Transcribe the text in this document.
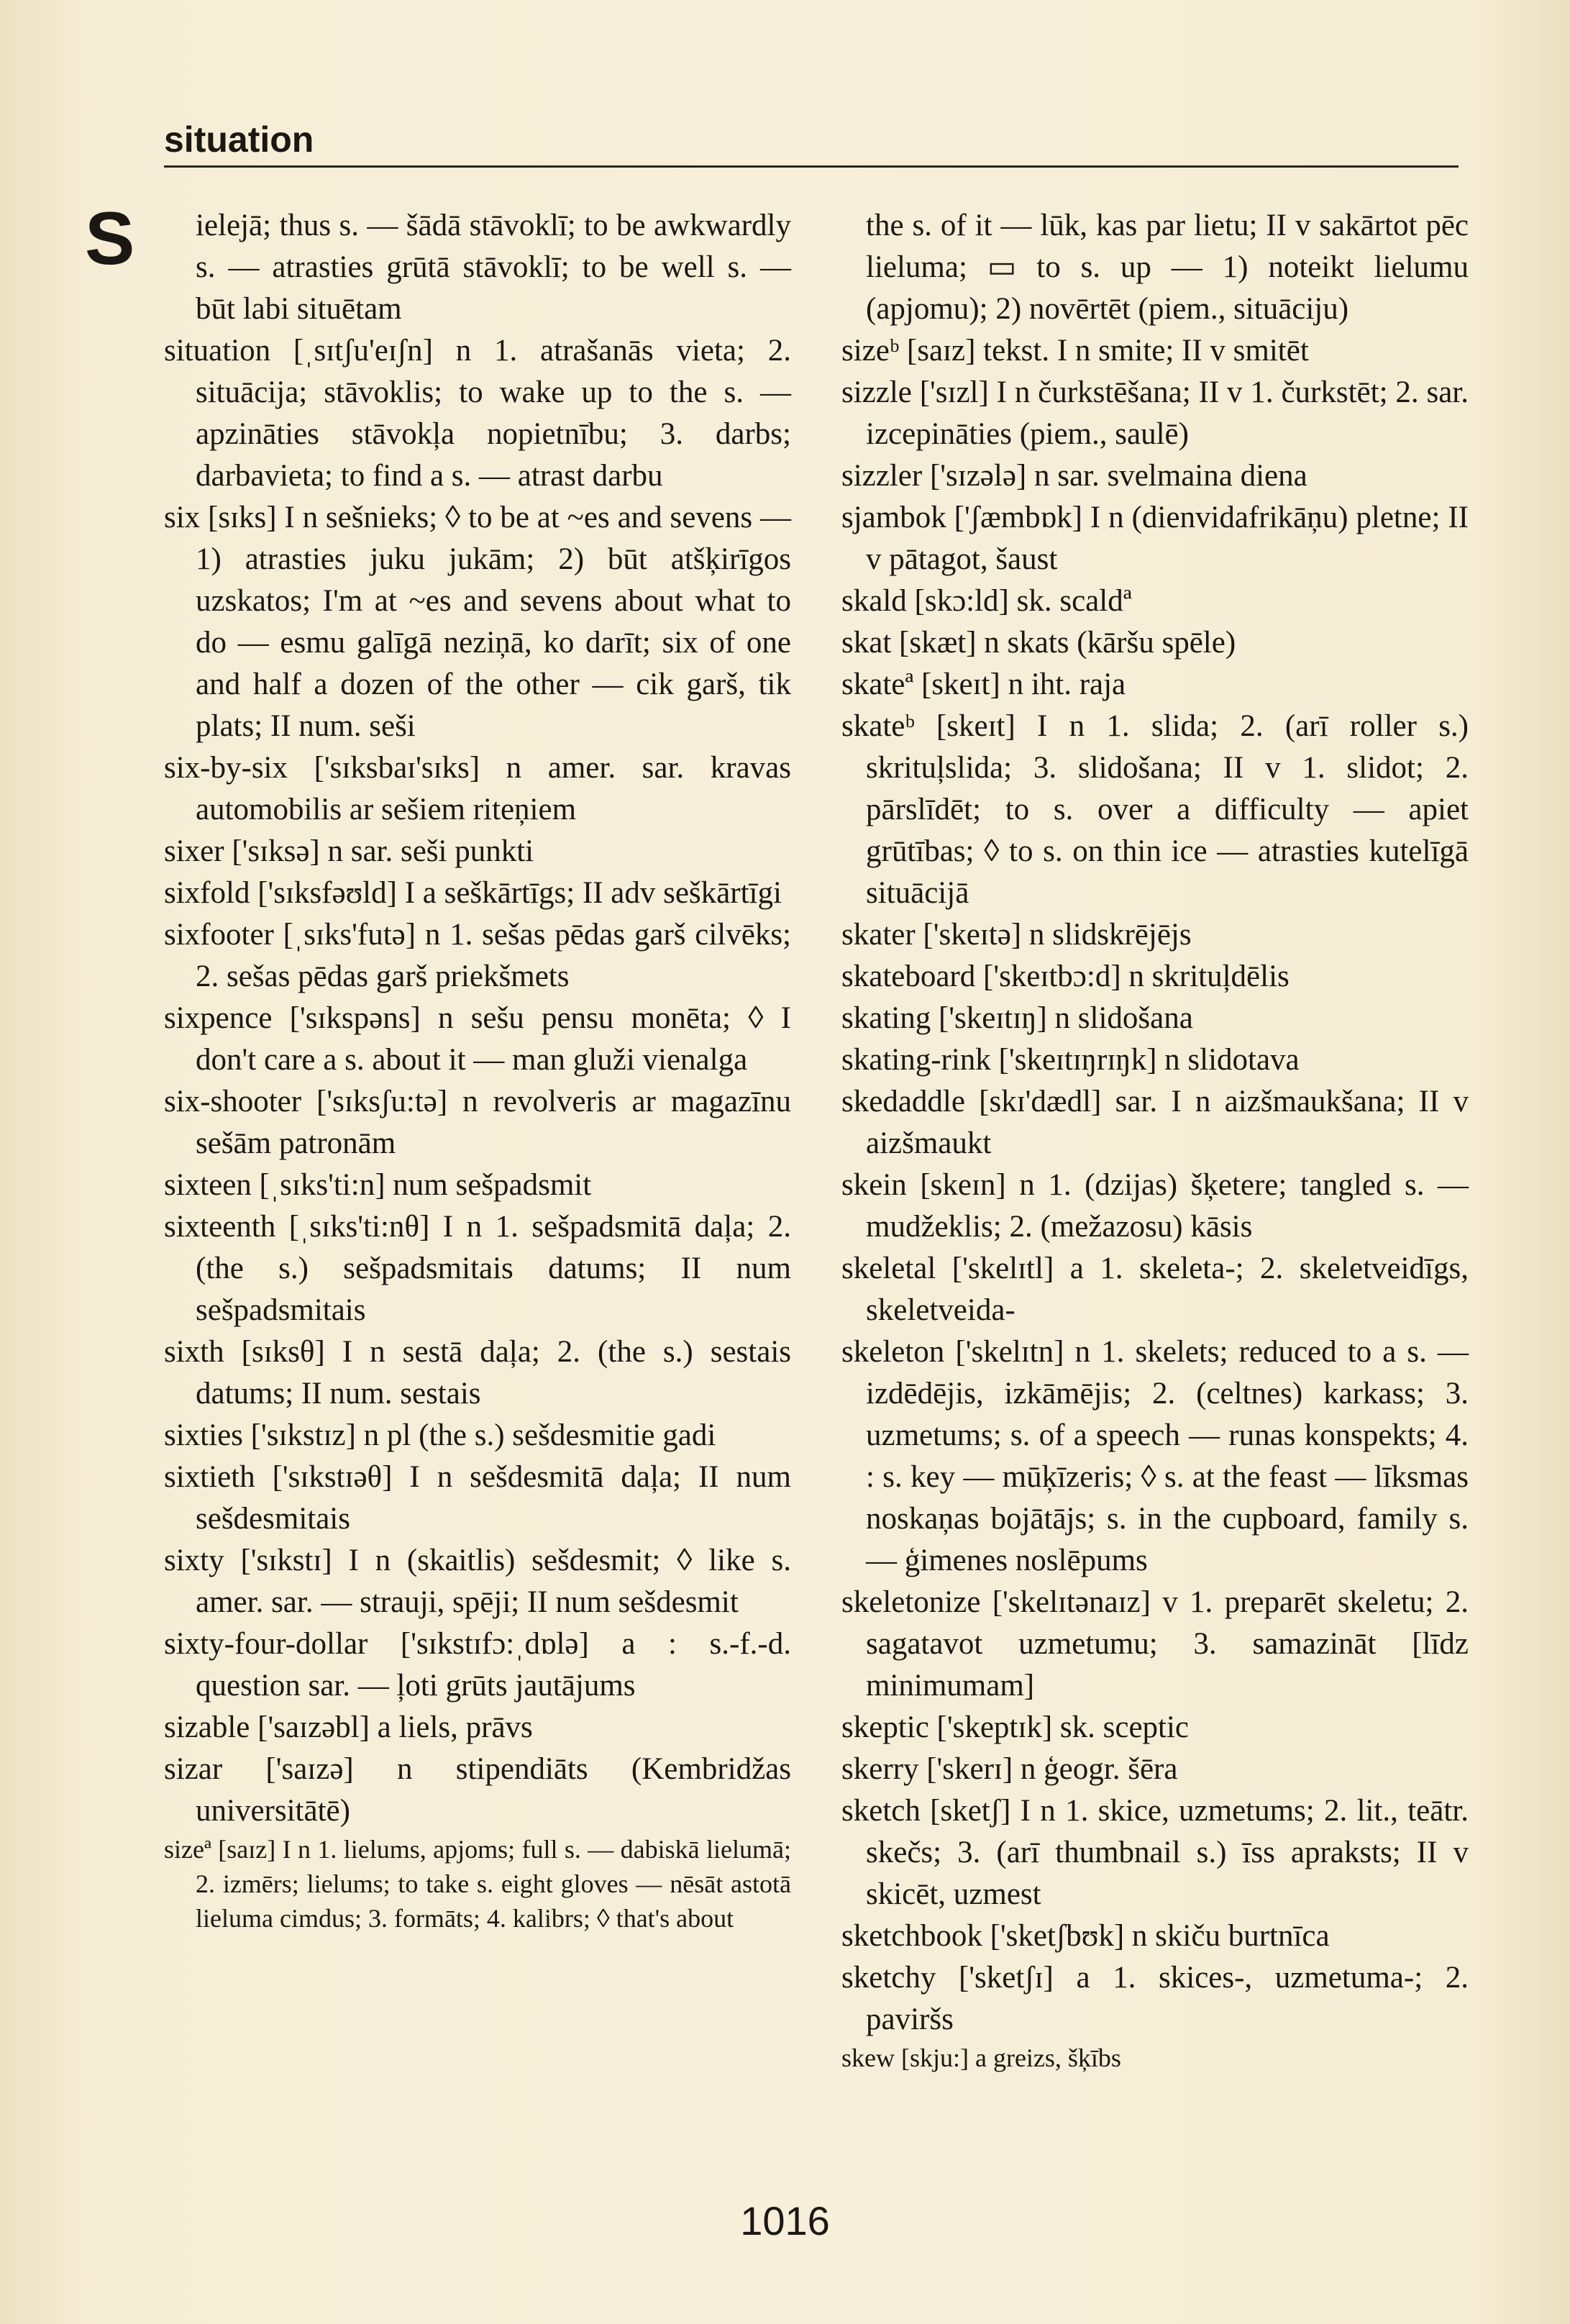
situation
S	ielejā; thus s. — šādā stāvoklī; to be awkwardly s. — atrasties grūtā stāvoklī; to be well s. — būt labi situētam
situation [ˌsɪtʃu'eɪʃn] n 1. atrašanās vieta; 2. situācija; stāvoklis; to wake up to the s. — apzināties stāvokļa nopietnību; 3. darbs; darbavieta; to find a s. — atrast darbu
six [sɪks] I n sešnieks; ◊ to be at ~es and sevens — 1) atrasties juku jukām; 2) būt atšķirīgos uzskatos; I'm at ~es and sevens about what to do — esmu galīgā neziņā, ko darīt; six of one and half a dozen of the other — cik garš, tik plats; II num. seši
six-by-six ['sɪksbaɪ'sɪks] n amer. sar. kravas automobilis ar sešiem riteņiem
sixer ['sɪksə] n sar. seši punkti
sixfold ['sɪksfəʊld] I a seškārtīgs; II adv seškārtīgi
sixfooter [ˌsɪks'futə] n 1. sešas pēdas garš cilvēks; 2. sešas pēdas garš priekšmets
sixpence ['sɪkspəns] n sešu pensu monēta; ◊ I don't care a s. about it — man gluži vienalga
six-shooter ['sɪksʃu:tə] n revolveris ar magazīnu sešām patronām
sixteen [ˌsɪks'ti:n] num sešpadsmit
sixteenth [ˌsɪks'ti:nθ] I n 1. sešpadsmitā daļa; 2. (the s.) sešpadsmitais datums; II num sešpadsmitais
sixth [sɪksθ] I n sestā daļa; 2. (the s.) sestais datums; II num. sestais
sixties ['sɪkstɪz] n pl (the s.) sešdesmitie gadi
sixtieth ['sɪkstɪəθ] I n sešdesmitā daļa; II num sešdesmitais
sixty ['sɪkstɪ] I n (skaitlis) sešdesmit; ◊ like s. amer. sar. — strauji, spēji; II num sešdesmit
sixty-four-dollar ['sɪkstɪfɔ:ˌdɒlə] a : s.-f.-d. question sar. — ļoti grūts jautājums
sizable ['saɪzəbl] a liels, prāvs
sizar ['saɪzə] n stipendiāts (Kembridžas universitātē)
sizeª [saɪz] I n 1. lielums, apjoms; full s. — dabiskā lielumā; 2. izmērs; lielums; to take s. eight gloves — nēsāt astotā lieluma cimdus; 3. formāts; 4. kalibrs; ◊ that's about
the s. of it — lūk, kas par lietu; II v sakārtot pēc lieluma; ▭ to s. up — 1) noteikt lielumu (apjomu); 2) novērtēt (piem., situāciju)
sizeᵇ [saɪz] tekst. I n smite; II v smitēt
sizzle ['sɪzl] I n čurkstēšana; II v 1. čurkstēt; 2. sar. izcepināties (piem., saulē)
sizzler ['sɪzələ] n sar. svelmaina diena
sjambok ['ʃæmbɒk] I n (dienvidafrikāņu) pletne; II v pātagot, šaust
skald [skɔ:ld] sk. scaldª
skat [skæt] n skats (kāršu spēle)
skateª [skeɪt] n iht. raja
skateᵇ [skeɪt] I n 1. slida; 2. (arī roller s.) skrituļslida; 3. slidošana; II v 1. slidot; 2. pārslīdēt; to s. over a difficulty — apiet grūtības; ◊ to s. on thin ice — atrasties kutelīgā situācijā
skater ['skeɪtə] n slidskrējējs
skateboard ['skeɪtbɔ:d] n skrituļdēlis
skating ['skeɪtɪŋ] n slidošana
skating-rink ['skeɪtɪŋrɪŋk] n slidotava
skedaddle [skɪ'dædl] sar. I n aizšmaukšana; II v aizšmaukt
skein [skeɪn] n 1. (dzijas) šķetere; tangled s. — mudžeklis; 2. (mežazosu) kāsis
skeletal ['skelɪtl] a 1. skeleta-; 2. skeletveidīgs, skeletveida-
skeleton ['skelɪtn] n 1. skelets; reduced to a s. — izdēdējis, izkāmējis; 2. (celtnes) karkass; 3. uzmetums; s. of a speech — runas konspekts; 4. : s. key — mūķīzeris; ◊ s. at the feast — līksmas noskaņas bojātājs; s. in the cupboard, family s. — ģimenes noslēpums
skeletonize ['skelɪtənaɪz] v 1. preparēt skeletu; 2. sagatavot uzmetumu; 3. samazināt [līdz minimumam]
skeptic ['skeptɪk] sk. sceptic
skerry ['skerɪ] n ģeogr. šēra
sketch [sketʃ] I n 1. skice, uzmetums; 2. lit., teātr. skečs; 3. (arī thumbnail s.) īss apraksts; II v skicēt, uzmest
sketchbook ['sketʃbʊk] n skiču burtnīca
sketchy ['sketʃɪ] a 1. skices-, uzmetuma-; 2. paviršs
skew [skju:] a greizs, šķībs
1016
